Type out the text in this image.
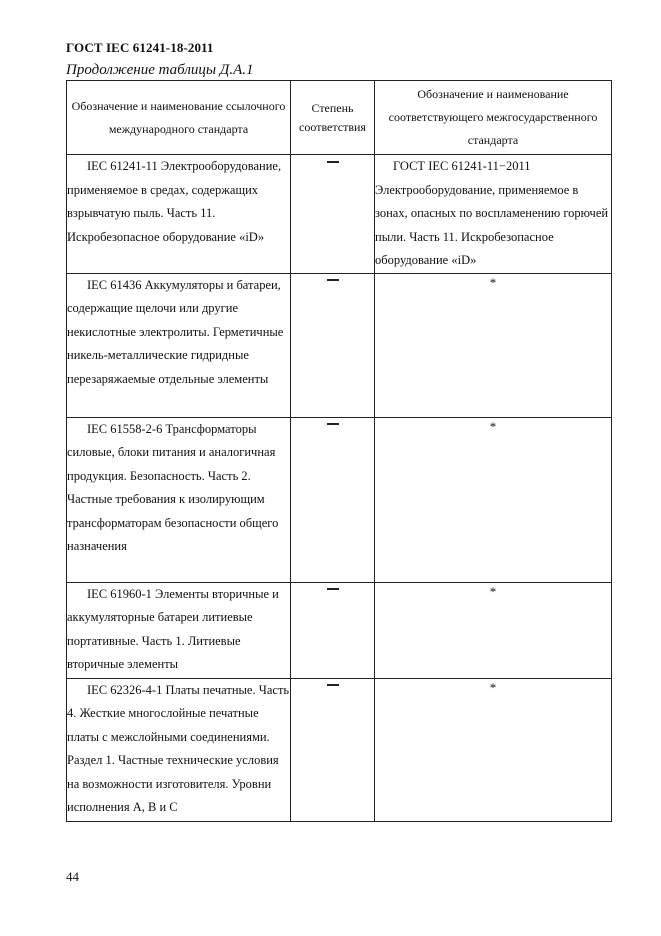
ГОСТ IEC 61241-18-2011
Продолжение таблицы Д.А.1
Обозначение и наименование ссылочного международного стандарта	Степень соответствия	Обозначение и наименование соответствующего межгосударственного стандарта

IEC 61241-11 Электрооборудование, применяемое в средах, содержащих взрывчатую пыль. Часть 11. Искробезопасное оборудование «iD»		ГОСТ IEC 61241-11−2011 Электрооборудование, применяемое в зонах, опасных по воспламенению горючей пыли. Часть 11. Искробезопасное оборудование «iD»

IEC 61436 Аккумуляторы и батареи, содержащие щелочи или другие некислотные электролиты. Герметичные никель-металлические гидридные перезаряжаемые отдельные элементы		*

IEC 61558-2-6 Трансформаторы силовые, блоки питания и аналогичная продукция. Безопасность. Часть 2. Частные требования к изолирующим трансформаторам безопасности общего назначения		*

IEC 61960-1 Элементы вторичные и аккумуляторные батареи литиевые портативные. Часть 1. Литиевые вторичные элементы		*

IEC 62326-4-1 Платы печатные. Часть 4. Жесткие многослойные печатные платы с межслойными соединениями. Раздел 1. Частные технические условия на возможности изготовителя. Уровни исполнения A, B и C		*
44
